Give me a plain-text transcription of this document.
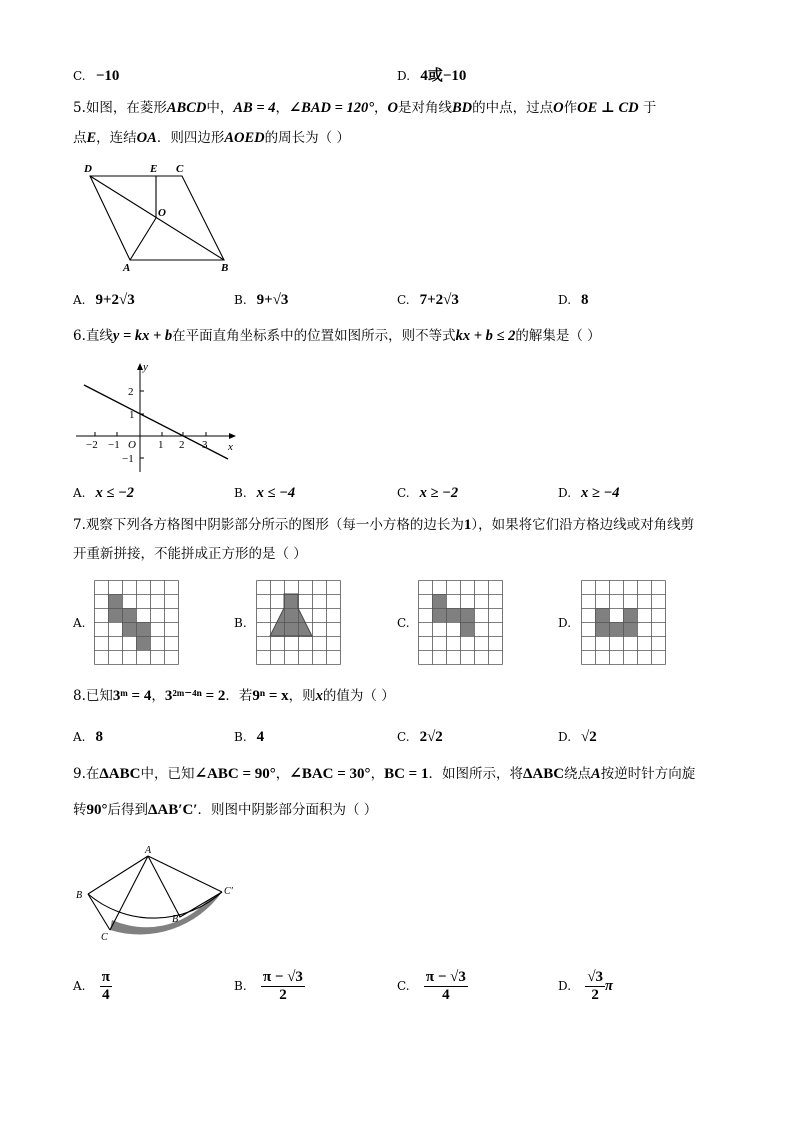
C. −10	D. 4或−10
5.如图，在菱形ABCD中，AB = 4，∠BAD = 120°，O是对角线BD的中点，过点O作OE ⊥ CD 于
点E，连结OA．则四边形AOED的周长为（ ）
D	E C
O
A	B
A. 9+2√3	B. 9+√3	C. 7+2√3	D. 8
6.直线y = kx + b在平面直角坐标系中的位置如图所示，则不等式kx + b ≤ 2的解集是（ ）
y
x
2
1
−1
−2 −1 O 1 2 3
A. x ≤ −2	B. x ≤ −4	C. x ≥ −2	D. x ≥ −4
7.观察下列各方格图中阴影部分所示的图形（每一小方格的边长为1），如果将它们沿方格边线或对角线剪
开重新拼接，不能拼成正方形的是（ ）
A.	B.	C.	D.
8.已知3ᵐ = 4，3²ᵐ⁻⁴ⁿ = 2．若9ⁿ = x，则x的值为（ ）
A. 8	B. 4	C. 2√2	D. √2
9.在ΔABC中，已知∠ABC = 90°，∠BAC = 30°，BC = 1．如图所示，将ΔABC绕点A按逆时针方向旋
转90°后得到ΔAB′C′．则图中阴影部分面积为（ ）
A
B
C
B′
C′
A. $\frac{\pi}{4}$	B. $\frac{\pi - √3}{2}$	C. $\frac{\pi - √3}{4}$	D. $\frac{√3}{2}$ π
